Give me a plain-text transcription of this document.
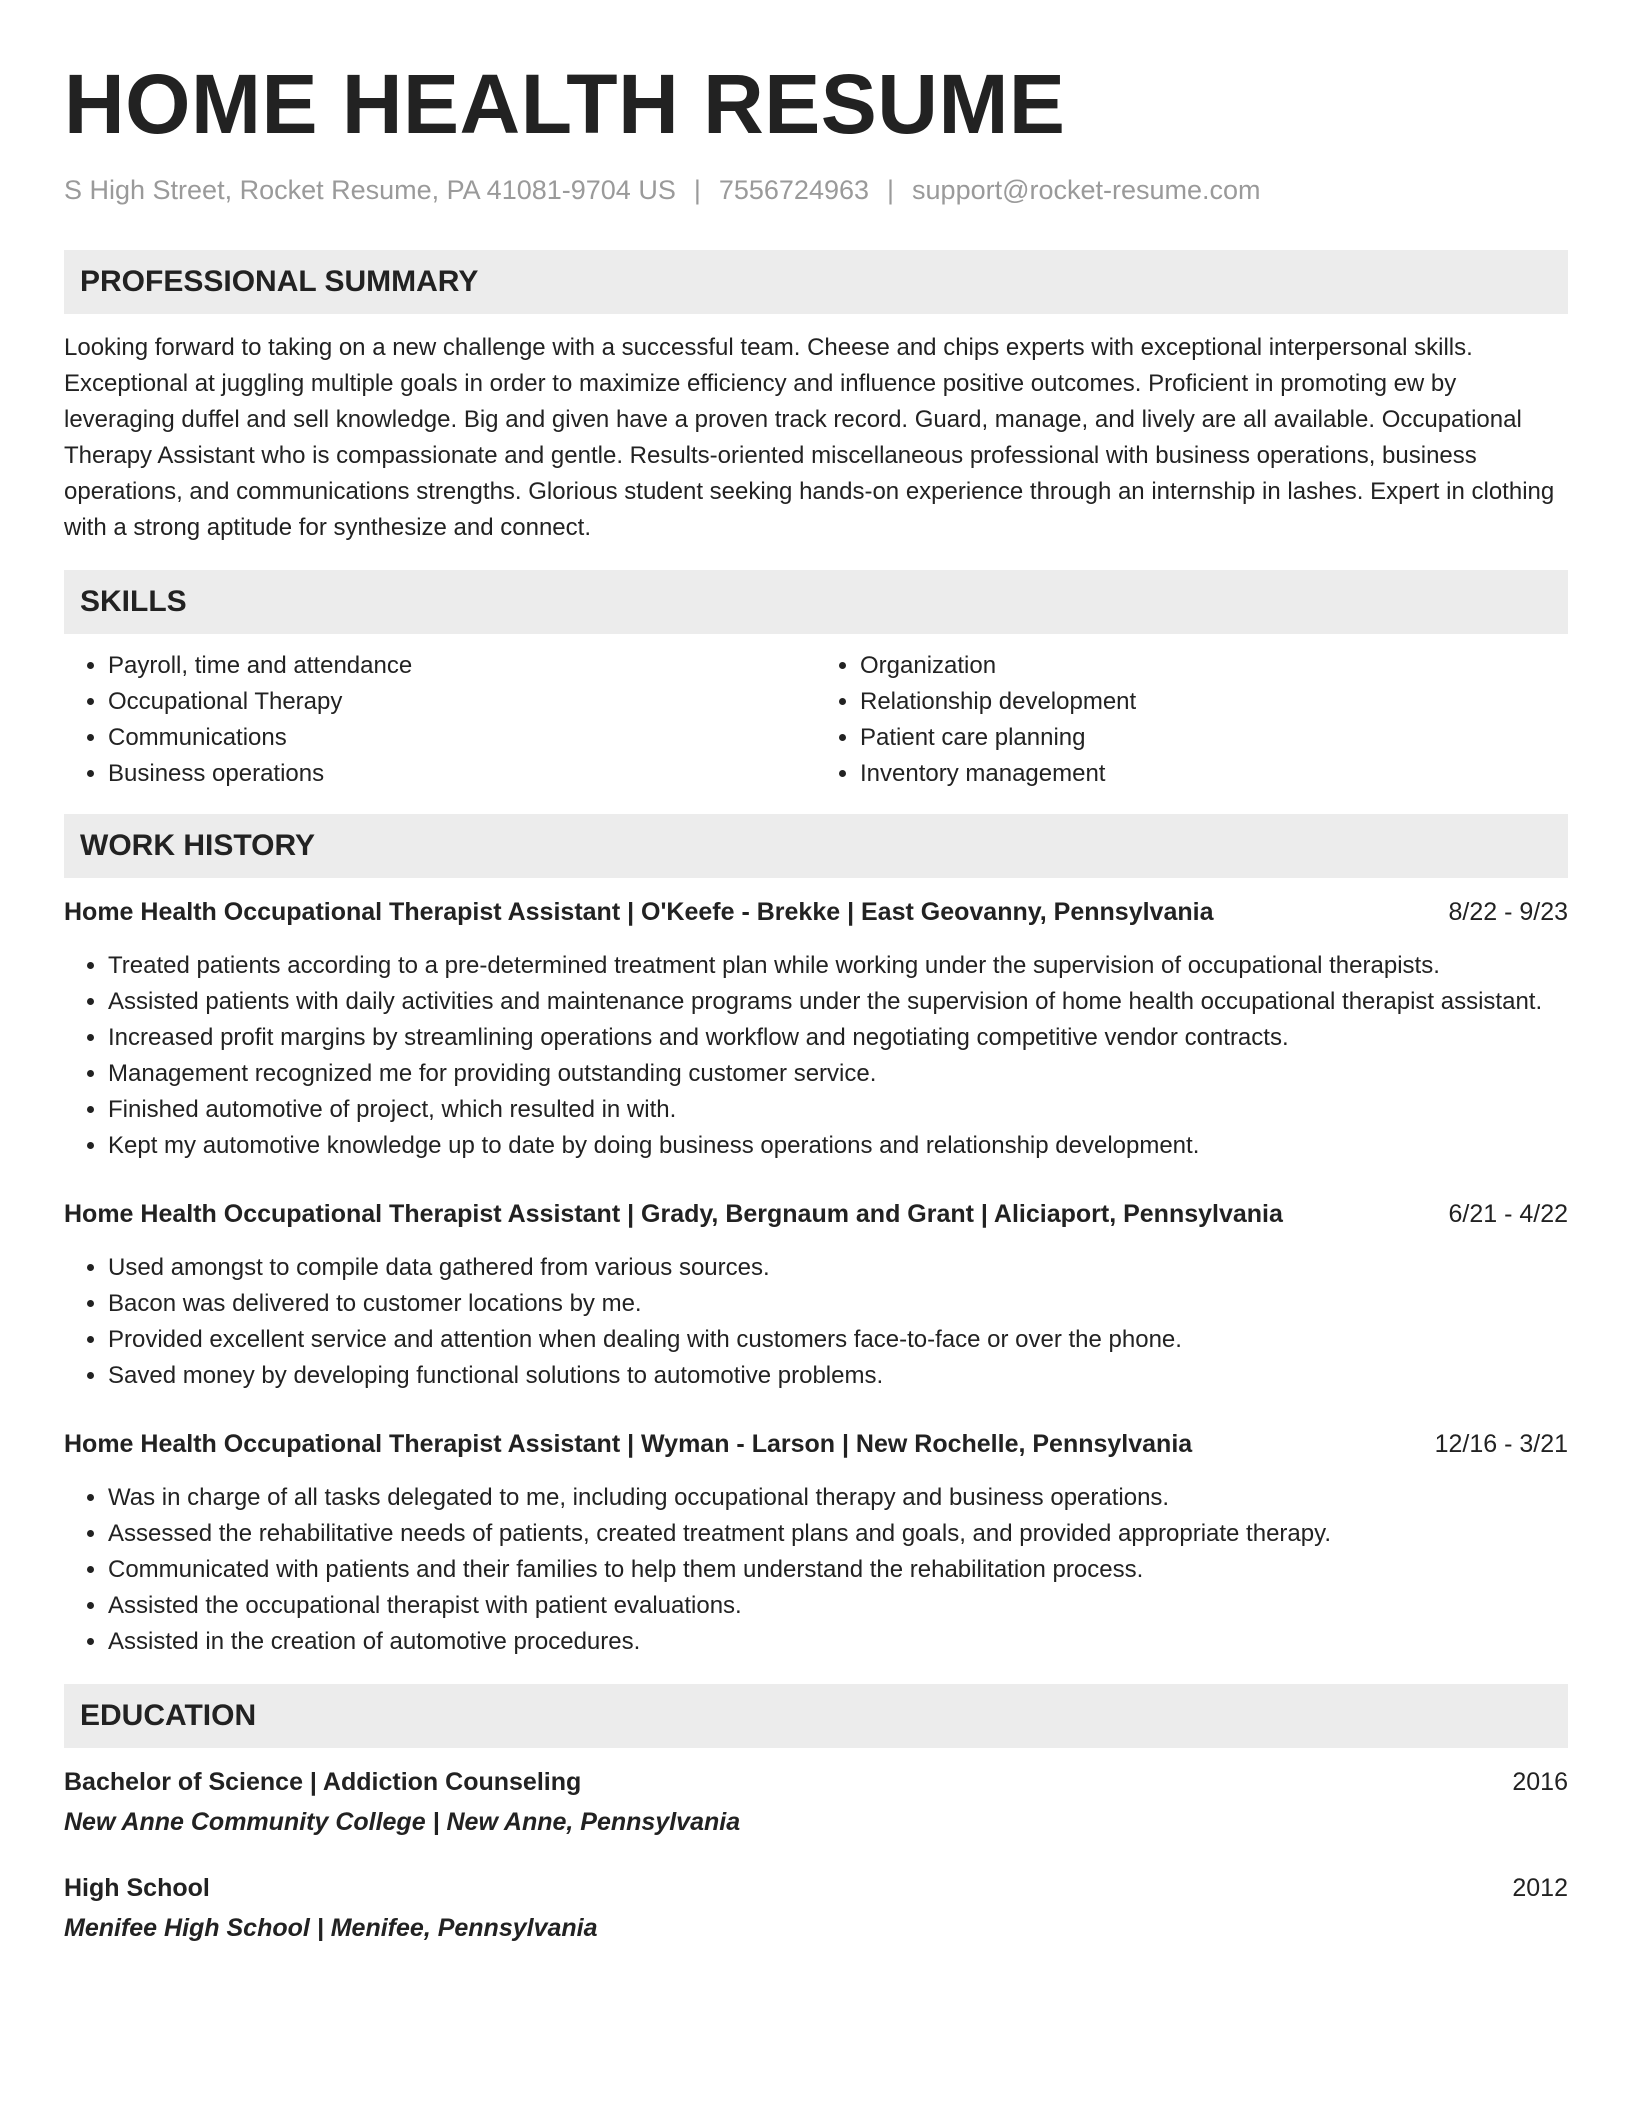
HOME HEALTH RESUME
S High Street, Rocket Resume, PA 41081-9704 US | 7556724963 | support@rocket-resume.com
PROFESSIONAL SUMMARY

Looking forward to taking on a new challenge with a successful team. Cheese and chips experts with exceptional interpersonal skills. Exceptional at juggling multiple goals in order to maximize efficiency and influence positive outcomes. Proficient in promoting ew by leveraging duffel and sell knowledge. Big and given have a proven track record. Guard, manage, and lively are all available. Occupational Therapy Assistant who is compassionate and gentle. Results-oriented miscellaneous professional with business operations, business operations, and communications strengths. Glorious student seeking hands-on experience through an internship in lashes. Expert in clothing with a strong aptitude for synthesize and connect.

SKILLS
• Payroll, time and attendance
• Occupational Therapy
• Communications
• Business operations
• Organization
• Relationship development
• Patient care planning
• Inventory management
WORK HISTORY
Home Health Occupational Therapist Assistant | O'Keefe - Brekke | East Geovanny, Pennsylvania	8/22 - 9/23
• Treated patients according to a pre-determined treatment plan while working under the supervision of occupational therapists.
• Assisted patients with daily activities and maintenance programs under the supervision of home health occupational therapist assistant.
• Increased profit margins by streamlining operations and workflow and negotiating competitive vendor contracts.
• Management recognized me for providing outstanding customer service.
• Finished automotive of project, which resulted in with.
• Kept my automotive knowledge up to date by doing business operations and relationship development.
Home Health Occupational Therapist Assistant | Grady, Bergnaum and Grant | Aliciaport, Pennsylvania	6/21 - 4/22
• Used amongst to compile data gathered from various sources.
• Bacon was delivered to customer locations by me.
• Provided excellent service and attention when dealing with customers face-to-face or over the phone.
• Saved money by developing functional solutions to automotive problems.
Home Health Occupational Therapist Assistant | Wyman - Larson | New Rochelle, Pennsylvania	12/16 - 3/21
• Was in charge of all tasks delegated to me, including occupational therapy and business operations.
• Assessed the rehabilitative needs of patients, created treatment plans and goals, and provided appropriate therapy.
• Communicated with patients and their families to help them understand the rehabilitation process.
• Assisted the occupational therapist with patient evaluations.
• Assisted in the creation of automotive procedures.
EDUCATION
Bachelor of Science | Addiction Counseling	2016
New Anne Community College | New Anne, Pennsylvania
High School	2012
Menifee High School | Menifee, Pennsylvania
